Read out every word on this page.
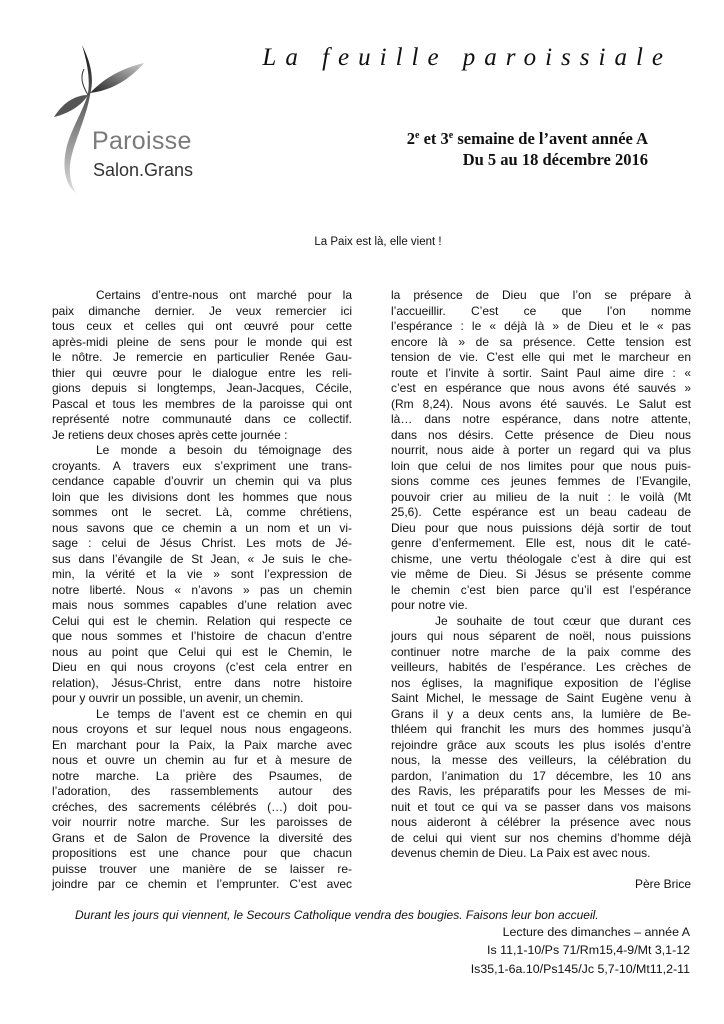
Paroisse
Salon.Grans
La feuille paroissiale
2e et 3e semaine de l’avent année A
Du 5 au 18 décembre 2016
La Paix est là, elle vient !
Certains d’entre-nous ont marché pour la
paix dimanche dernier. Je veux remercier ici
tous ceux et celles qui ont œuvré pour cette
après-midi pleine de sens pour le monde qui est
le nôtre. Je remercie en particulier Renée Gau-
thier qui œuvre pour le dialogue entre les reli-
gions depuis si longtemps, Jean-Jacques, Cécile,
Pascal et tous les membres de la paroisse qui ont
représenté notre communauté dans ce collectif.
Je retiens deux choses après cette journée :
Le monde a besoin du témoignage des
croyants. A travers eux s’expriment une trans-
cendance capable d’ouvrir un chemin qui va plus
loin que les divisions dont les hommes que nous
sommes ont le secret. Là, comme chrétiens,
nous savons que ce chemin a un nom et un vi-
sage : celui de Jésus Christ. Les mots de Jé-
sus dans l’évangile de St Jean, « Je suis le che-
min, la vérité et la vie » sont l’expression de
notre liberté. Nous « n’avons » pas un chemin
mais nous sommes capables d’une relation avec
Celui qui est le chemin. Relation qui respecte ce
que nous sommes et l’histoire de chacun d’entre
nous au point que Celui qui est le Chemin, le
Dieu en qui nous croyons (c’est cela entrer en
relation), Jésus-Christ, entre dans notre histoire
pour y ouvrir un possible, un avenir, un chemin.
Le temps de l’avent est ce chemin en qui
nous croyons et sur lequel nous nous engageons.
En marchant pour la Paix, la Paix marche avec
nous et ouvre un chemin au fur et à mesure de
notre marche. La prière des Psaumes, de
l’adoration, des rassemblements autour des
créches, des sacrements célébrés (…) doit pou-
voir nourrir notre marche. Sur les paroisses de
Grans et de Salon de Provence la diversité des
propositions est une chance pour que chacun
puisse trouver une manière de se laisser re-
joindre par ce chemin et l’emprunter. C’est avec
la présence de Dieu que l’on se prépare à
l’accueillir. C’est ce que l’on nomme
l’espérance : le « déjà là » de Dieu et le « pas
encore là » de sa présence. Cette tension est
tension de vie. C’est elle qui met le marcheur en
route et l’invite à sortir. Saint Paul aime dire : «
c’est en espérance que nous avons été sauvés »
(Rm 8,24). Nous avons été sauvés. Le Salut est
là… dans notre espérance, dans notre attente,
dans nos désirs. Cette présence de Dieu nous
nourrit, nous aide à porter un regard qui va plus
loin que celui de nos limites pour que nous puis-
sions comme ces jeunes femmes de l’Evangile,
pouvoir crier au milieu de la nuit : le voilà (Mt
25,6). Cette espérance est un beau cadeau de
Dieu pour que nous puissions déjà sortir de tout
genre d’enfermement. Elle est, nous dit le caté-
chisme, une vertu théologale c’est à dire qui est
vie même de Dieu. Si Jésus se présente comme
le chemin c’est bien parce qu’il est l’espérance
pour notre vie.
Je souhaite de tout cœur que durant ces
jours qui nous séparent de noël, nous puissions
continuer notre marche de la paix comme des
veilleurs, habités de l’espérance. Les crèches de
nos églises, la magnifique exposition de l’église
Saint Michel, le message de Saint Eugène venu à
Grans il y a deux cents ans, la lumière de Be-
thléem qui franchit les murs des hommes jusqu’à
rejoindre grâce aux scouts les plus isolés d’entre
nous, la messe des veilleurs, la célébration du
pardon, l’animation du 17 décembre, les 10 ans
des Ravis, les préparatifs pour les Messes de mi-
nuit et tout ce qui va se passer dans vos maisons
nous aideront à célébrer la présence avec nous
de celui qui vient sur nos chemins d’homme déjà
devenus chemin de Dieu. La Paix est avec nous.
Père Brice
Durant les jours qui viennent, le Secours Catholique vendra des bougies. Faisons leur bon accueil.
Lecture des dimanches – année A
Is 11,1-10/Ps 71/Rm15,4-9/Mt 3,1-12
Is35,1-6a.10/Ps145/Jc 5,7-10/Mt11,2-11
